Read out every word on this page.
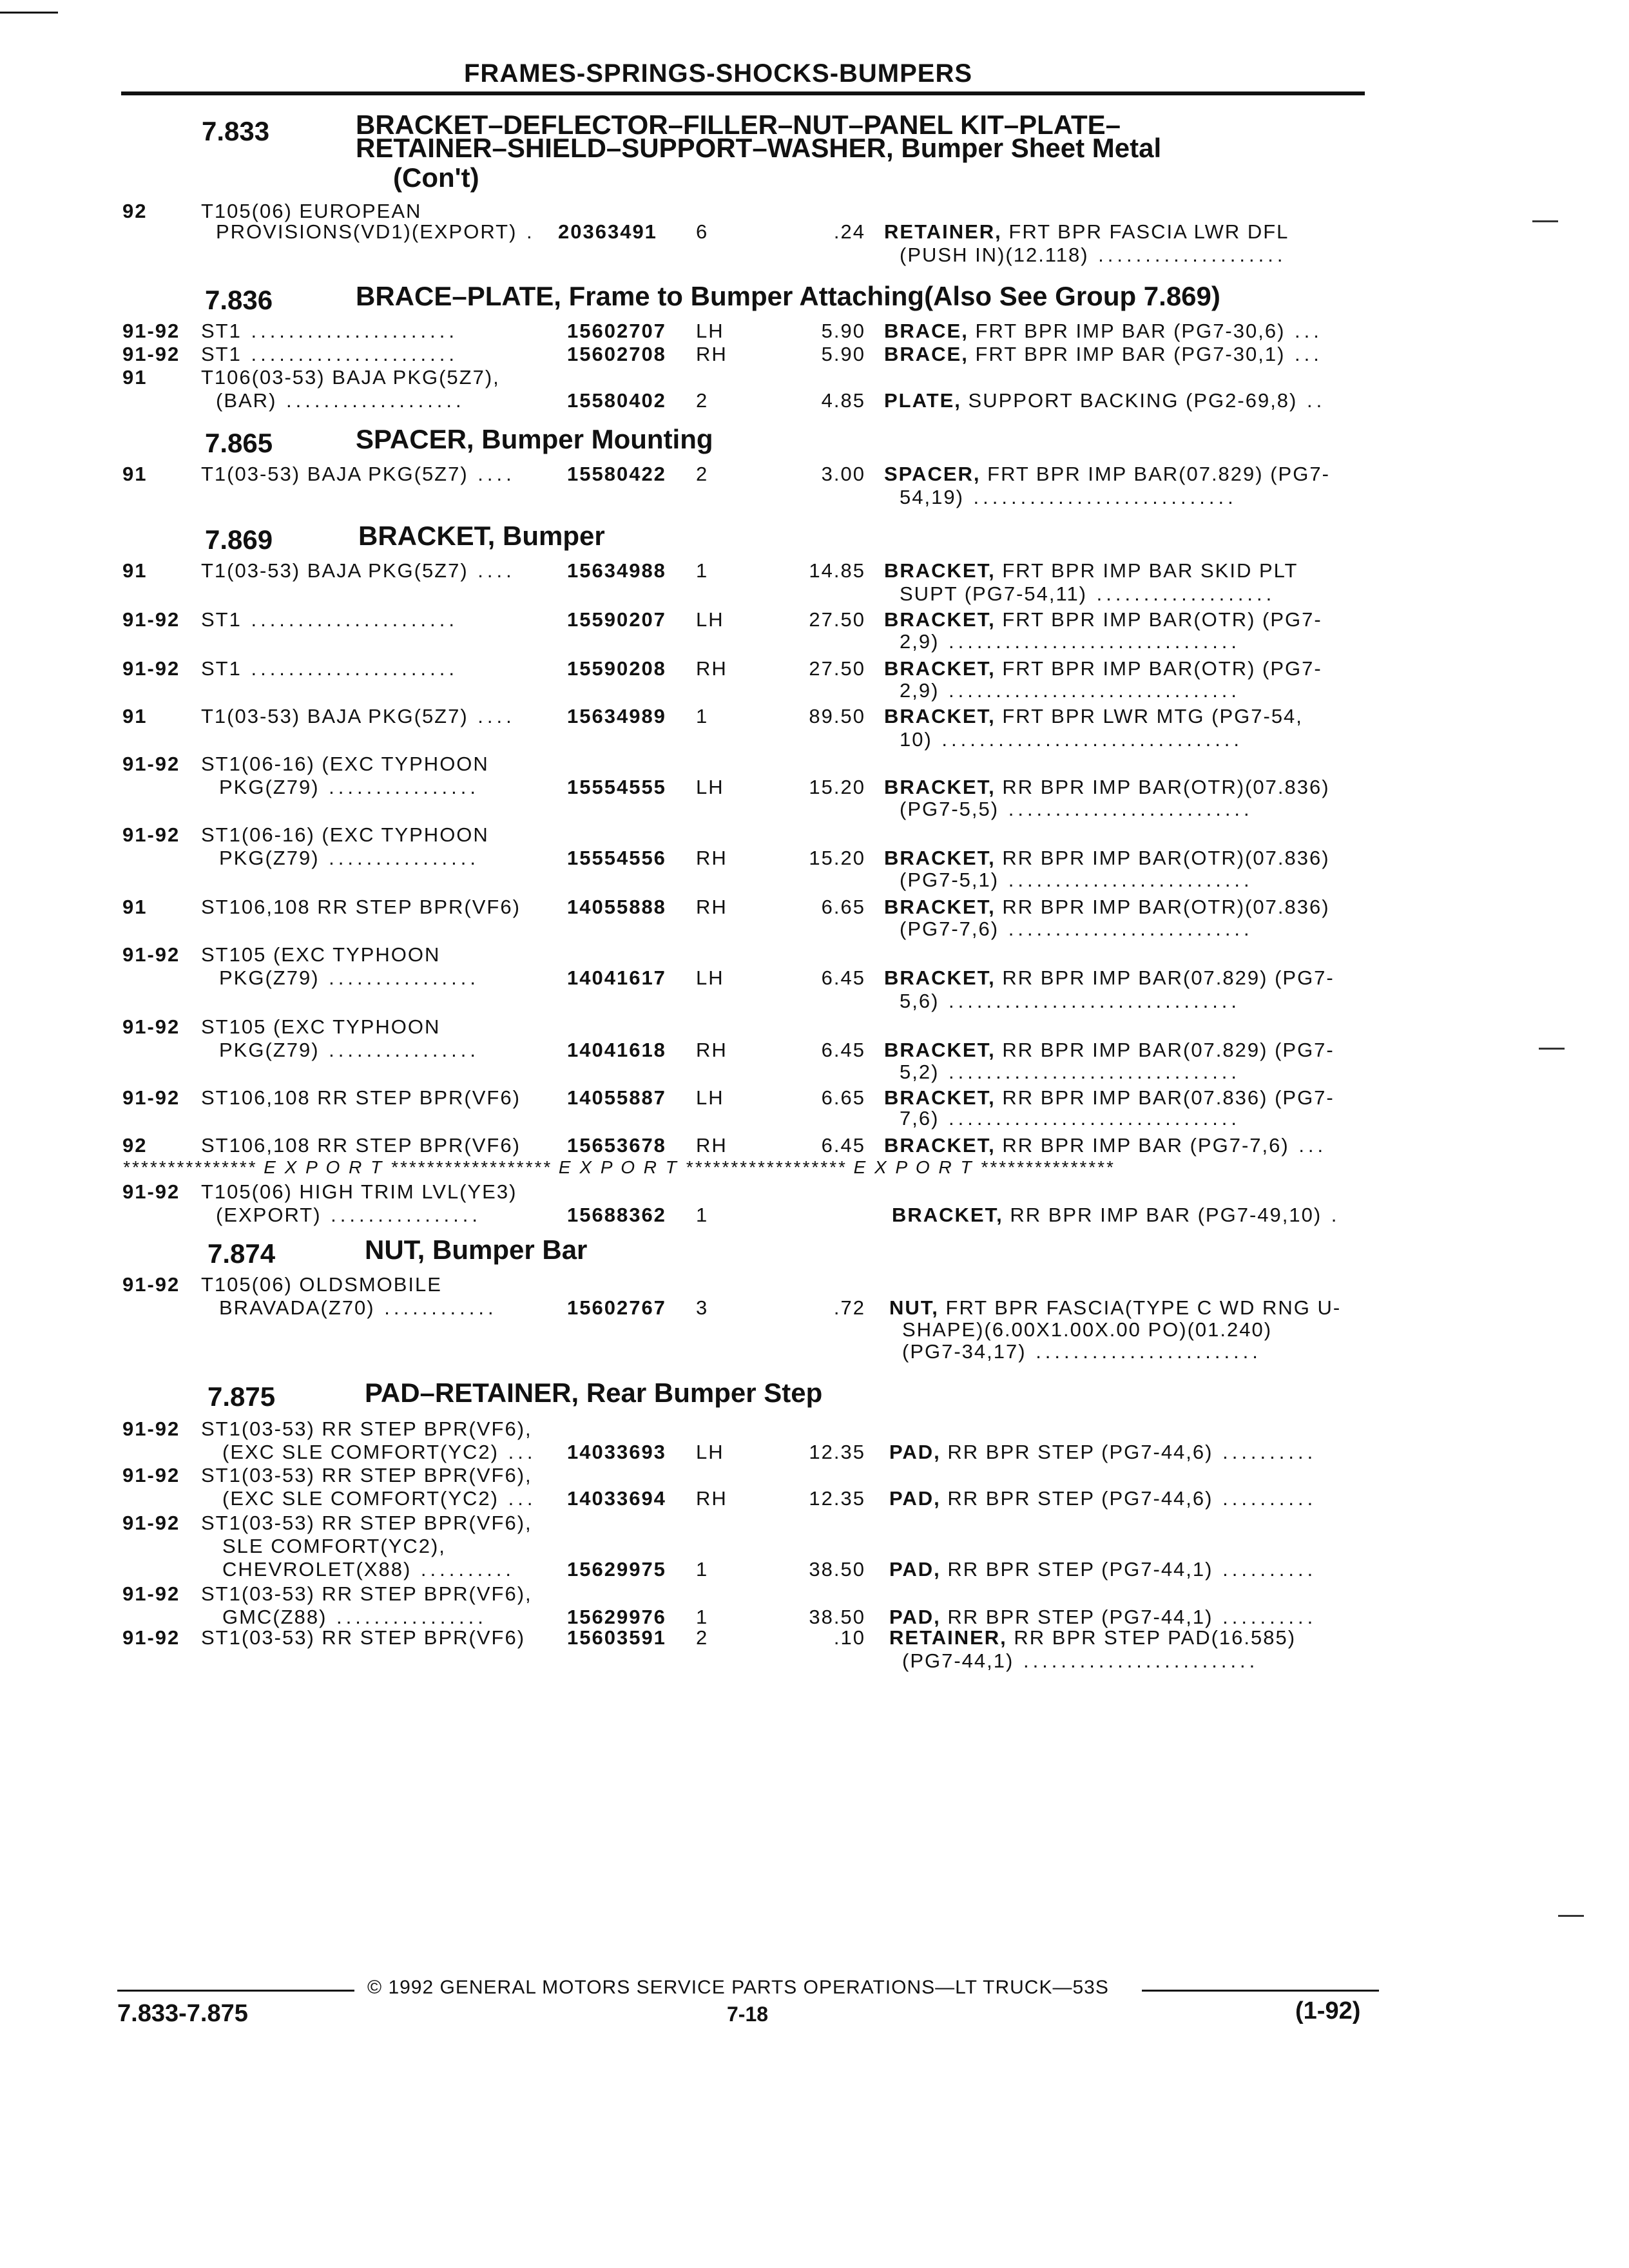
FRAMES-SPRINGS-SHOCKS-BUMPERS
7.833	BRACKET–DEFLECTOR–FILLER–NUT–PANEL KIT–PLATE–
RETAINER–SHIELD–SUPPORT–WASHER, Bumper Sheet Metal
(Con't)
92	T105(06) EUROPEAN
PROVISIONS(VD1)(EXPORT) . 20363491 6	.24 RETAINER, FRT BPR FASCIA LWR DFL
(PUSH IN)(12.118) ....................
7.836	BRACE–PLATE, Frame to Bumper Attaching(Also See Group 7.869)
91-92 ST1 ......................	15602707 LH	5.90 BRACE, FRT BPR IMP BAR (PG7-30,6) ...
91-92 ST1 ......................	15602708 RH	5.90 BRACE, FRT BPR IMP BAR (PG7-30,1) ...
91	T106(03-53) BAJA PKG(5Z7),
(BAR) ...................	15580402 2	4.85 PLATE, SUPPORT BACKING (PG2-69,8) ..
7.865	SPACER, Bumper Mounting
91	T1(03-53) BAJA PKG(5Z7) ....	15580422 2	3.00 SPACER, FRT BPR IMP BAR(07.829) (PG7-
54,19) ............................
7.869	BRACKET, Bumper
91	T1(03-53) BAJA PKG(5Z7) ....	15634988 1	14.85 BRACKET, FRT BPR IMP BAR SKID PLT
SUPT (PG7-54,11) ...................
91-92 ST1 ......................	15590207 LH	27.50 BRACKET, FRT BPR IMP BAR(OTR) (PG7-
2,9) ...............................
91-92 ST1 ......................	15590208 RH	27.50 BRACKET, FRT BPR IMP BAR(OTR) (PG7-
2,9) ...............................
91	T1(03-53) BAJA PKG(5Z7) ....	15634989 1	89.50 BRACKET, FRT BPR LWR MTG (PG7-54,
10) ................................
91-92 ST1(06-16) (EXC TYPHOON
PKG(Z79) ................	15554555 LH	15.20 BRACKET, RR BPR IMP BAR(OTR)(07.836)
(PG7-5,5) ..........................
91-92 ST1(06-16) (EXC TYPHOON
PKG(Z79) ................	15554556 RH	15.20 BRACKET, RR BPR IMP BAR(OTR)(07.836)
(PG7-5,1) ..........................
91	ST106,108 RR STEP BPR(VF6) 14055888 RH	6.65 BRACKET, RR BPR IMP BAR(OTR)(07.836)
(PG7-7,6) ..........................
91-92 ST105 (EXC TYPHOON
PKG(Z79) ................	14041617 LH	6.45 BRACKET, RR BPR IMP BAR(07.829) (PG7-
5,6) ...............................
91-92 ST105 (EXC TYPHOON
PKG(Z79) ................	14041618 RH	6.45 BRACKET, RR BPR IMP BAR(07.829) (PG7-
5,2) ...............................
91-92 ST106,108 RR STEP BPR(VF6) 14055887 LH	6.65 BRACKET, RR BPR IMP BAR(07.836) (PG7-
7,6) ...............................
92	ST106,108 RR STEP BPR(VF6) 15653678 RH	6.45 BRACKET, RR BPR IMP BAR (PG7-7,6) ...
*************** E X P O R T ****************** E X P O R T ****************** E X P O R T ***************
91-92 T105(06) HIGH TRIM LVL(YE3)
(EXPORT) ................	15688362 1	BRACKET, RR BPR IMP BAR (PG7-49,10) .
7.874	NUT, Bumper Bar
91-92 T105(06) OLDSMOBILE
BRAVADA(Z70) ............	15602767 3	.72 NUT, FRT BPR FASCIA(TYPE C WD RNG U-
SHAPE)(6.00X1.00X.00 PO)(01.240)
(PG7-34,17) ........................
7.875	PAD–RETAINER, Rear Bumper Step
91-92 ST1(03-53) RR STEP BPR(VF6),
(EXC SLE COMFORT(YC2) ... 14033693 LH	12.35 PAD, RR BPR STEP (PG7-44,6) ..........
91-92 ST1(03-53) RR STEP BPR(VF6),
(EXC SLE COMFORT(YC2) ... 14033694 RH	12.35 PAD, RR BPR STEP (PG7-44,6) ..........
91-92 ST1(03-53) RR STEP BPR(VF6),
SLE COMFORT(YC2),
CHEVROLET(X88) ..........	15629975 1	38.50 PAD, RR BPR STEP (PG7-44,1) ..........
91-92 ST1(03-53) RR STEP BPR(VF6),
GMC(Z88) ................	15629976 1	38.50 PAD, RR BPR STEP (PG7-44,1) ..........
91-92 ST1(03-53) RR STEP BPR(VF6) 15603591 2	.10 RETAINER, RR BPR STEP PAD(16.585)
(PG7-44,1) .........................
© 1992 GENERAL MOTORS SERVICE PARTS OPERATIONS—LT TRUCK—53S
7.833-7.875	7-18	(1-92)
